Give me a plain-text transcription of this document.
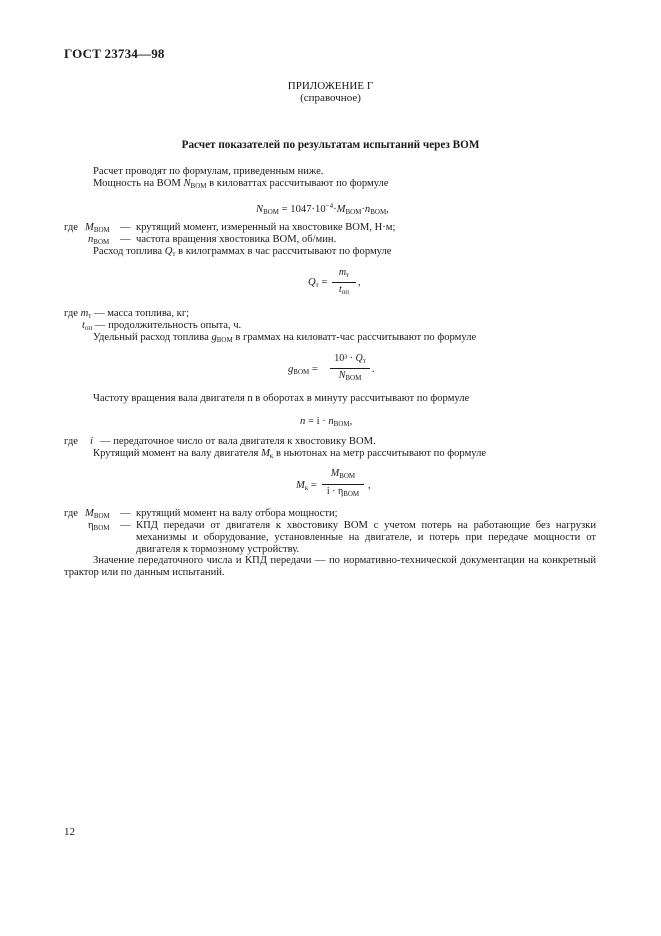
ГОСТ 23734—98
ПРИЛОЖЕНИЕ Г
(справочное)
Расчет показателей по результатам испытаний через ВОМ
Расчет проводят по формулам, приведенным ниже.
Мощность на ВОМ $N_{ВОМ}$ в киловаттах рассчитывают по формуле
$N_{ВОМ} = 1047\cdot 10^{-4}\cdot M_{ВОМ}\cdot n_{ВОМ}$,
где $M_{ВОМ}$ — крутящий момент, измеренный на хвостовике ВОМ, Н·м;
$n_{ВОМ}$ — частота вращения хвостовика ВОМ, об/мин.
Расход топлива $Q_т$ в килограммах в час рассчитывают по формуле
$Q_т$ =
$m_т$
$t_{оп}$
,
где $m_т$ — масса топлива, кг;
$t_{оп}$ — продолжительность опыта, ч.
Удельный расход топлива $g_{ВОМ}$ в граммах на киловатт-час рассчитывают по формуле
$g_{ВОМ}$ =
$10^3 \cdot Q_т$
$N_{ВОМ}$
.
Частоту вращения вала двигателя n в оборотах в минуту рассчитывают по формуле
$n = i \cdot n_{ВОМ}$,
где i — передаточное число от вала двигателя к хвостовику ВОМ.
Крутящий момент на валу двигателя $M_к$ в ньютонах на метр рассчитывают по формуле
$M_к$ =
$M_{ВОМ}$
$i \cdot \eta_{ВОМ}$
,
где $M_{ВОМ}$ — крутящий момент на валу отбора мощности;
$\eta_{ВОМ}$ — КПД передачи от двигателя к хвостовику ВОМ с учетом потерь на работающие без нагрузки механизмы и оборудование, установленные на двигателе, и потерь при передаче мощности от двигателя к тормозному устройству.
Значение передаточного числа и КПД передачи — по нормативно-технической документации на конкретный трактор или по данным испытаний.
12
